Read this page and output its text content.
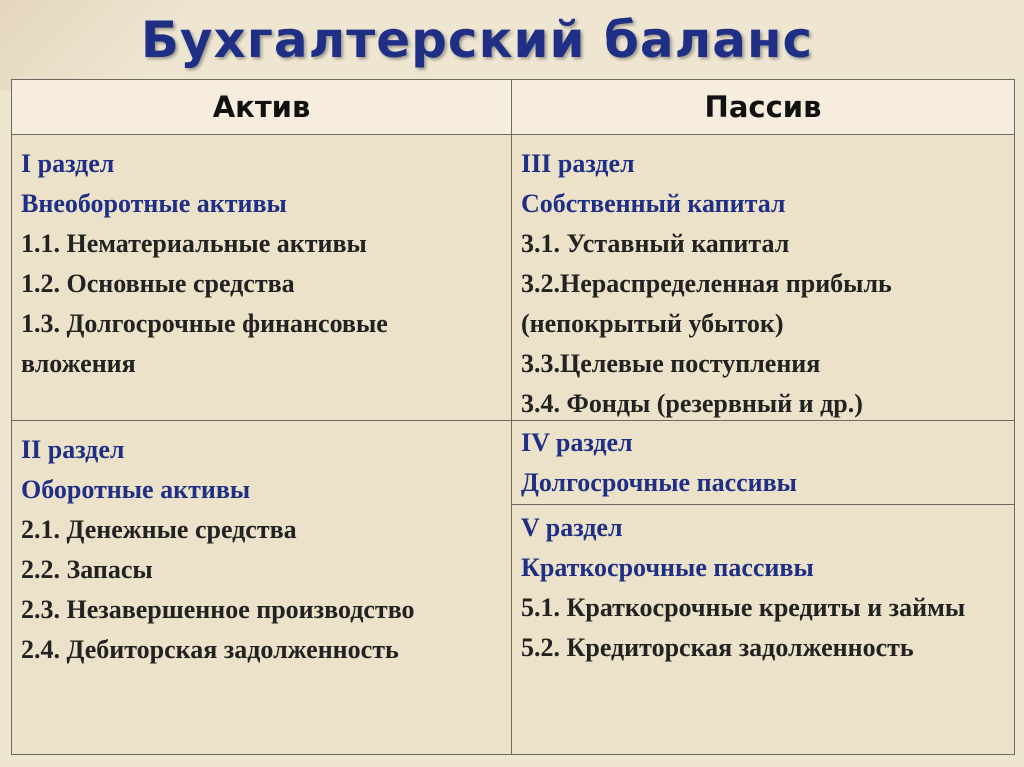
Бухгалтерский баланс
Актив	Пассив
I раздел
Внеоборотные активы
1.1. Нематериальные активы
1.2. Основные средства
1.3. Долгосрочные финансовые вложения
II раздел
Оборотные активы
2.1. Денежные средства
2.2. Запасы
2.3. Незавершенное производство
2.4. Дебиторская задолженность
III раздел
Собственный капитал
3.1. Уставный капитал
3.2.Нераспределенная прибыль (непокрытый убыток)
3.3.Целевые поступления
3.4. Фонды (резервный и др.)
IV раздел
Долгосрочные пассивы
V раздел
Краткосрочные пассивы
5.1. Краткосрочные кредиты и займы
5.2. Кредиторская задолженность
